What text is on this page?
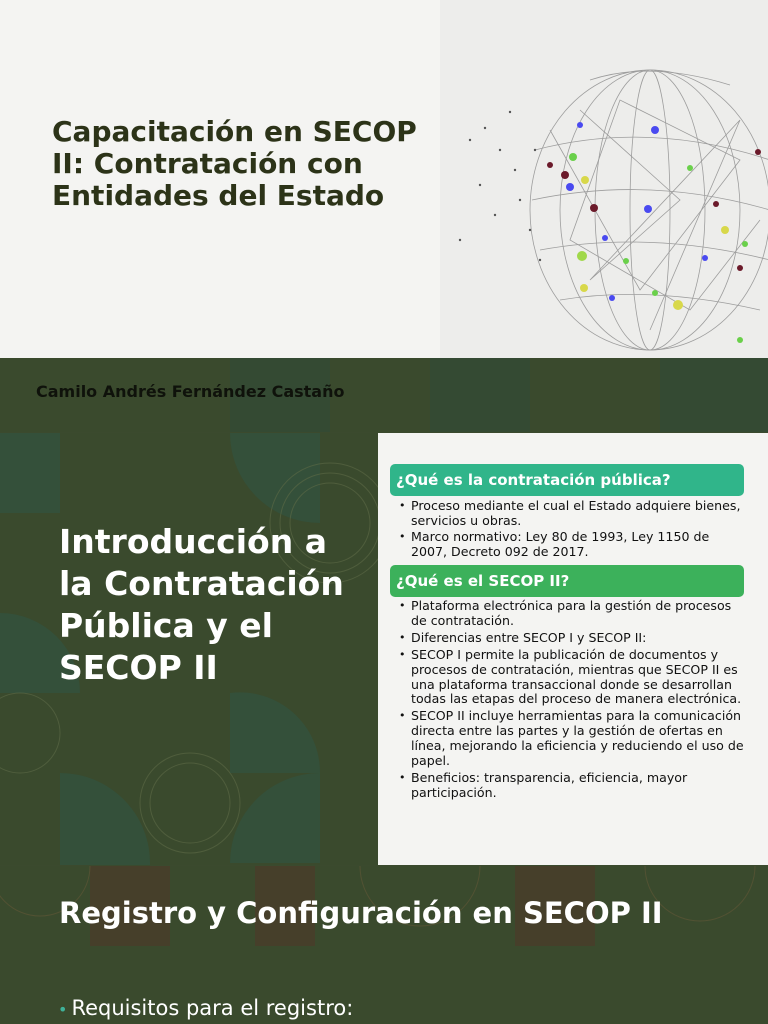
Capacitación en SECOP II: Contratación con Entidades del Estado
Camilo Andrés Fernández Castaño
Introducción a la Contratación Pública y el SECOP II
¿Qué es la contratación pública?
• Proceso mediante el cual el Estado adquiere bienes, servicios u obras.
• Marco normativo: Ley 80 de 1993, Ley 1150 de 2007, Decreto 092 de 2017.
¿Qué es el SECOP II?
• Plataforma electrónica para la gestión de procesos de contratación.
• Diferencias entre SECOP I y SECOP II:
• SECOP I permite la publicación de documentos y procesos de contratación, mientras que SECOP II es una plataforma transaccional donde se desarrollan todas las etapas del proceso de manera electrónica.
• SECOP II incluye herramientas para la comunicación directa entre las partes y la gestión de ofertas en línea, mejorando la eficiencia y reduciendo el uso de papel.
• Beneficios: transparencia, eficiencia, mayor participación.
Registro y Configuración en SECOP II
• Requisitos para el registro:
